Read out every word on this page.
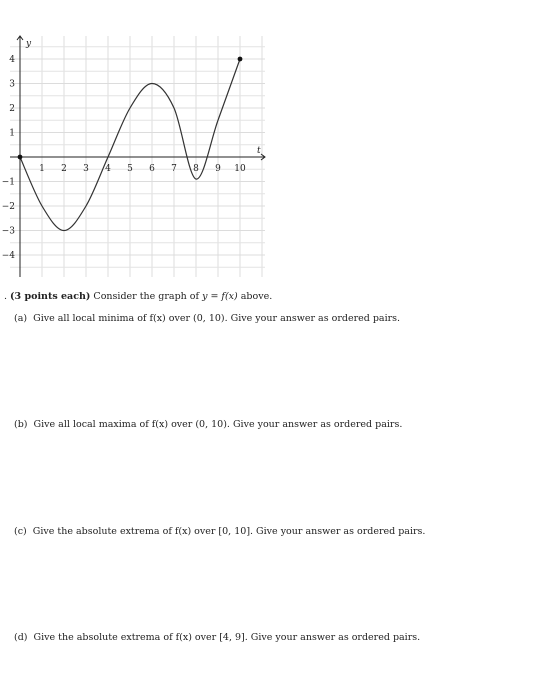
1 2 3 4 5 6 7 8 9 10
4
3
2
1
−1
−2
−3
−4
y
t
. (3 points each) Consider the graph of y = f(x) above.
(a) Give all local minima of f(x) over (0, 10). Give your answer as ordered pairs.
(b) Give all local maxima of f(x) over (0, 10). Give your answer as ordered pairs.
(c) Give the absolute extrema of f(x) over [0, 10]. Give your answer as ordered pairs.
(d) Give the absolute extrema of f(x) over [4, 9]. Give your answer as ordered pairs.
